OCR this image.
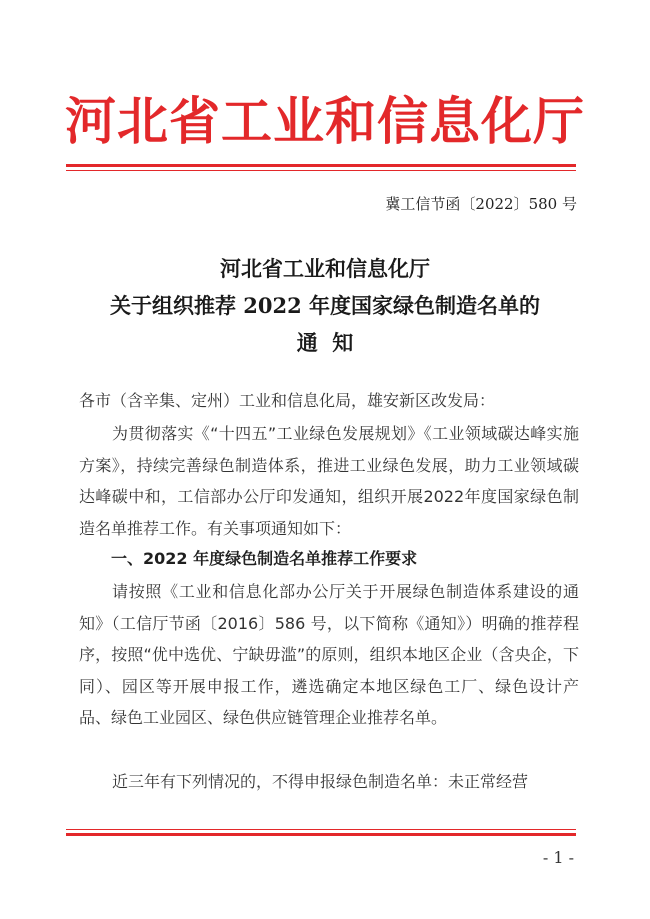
河北省工业和信息化厅
冀工信节函〔2022〕580 号
河北省工业和信息化厅
关于组织推荐 2022 年度国家绿色制造名单的
通  知
各市（含辛集、定州）工业和信息化局，雄安新区改发局：

为贯彻落实《“十四五”工业绿色发展规划》《工业领域碳达峰实施方案》，持续完善绿色制造体系，推进工业绿色发展，助力工业领域碳达峰碳中和，工信部办公厅印发通知，组织开展2022年度国家绿色制造名单推荐工作。有关事项通知如下：

一、2022 年度绿色制造名单推荐工作要求

请按照《工业和信息化部办公厅关于开展绿色制造体系建设的通知》（工信厅节函〔2016〕586 号，以下简称《通知》）明确的推荐程序，按照“优中选优、宁缺毋滥”的原则，组织本地区企业（含央企，下同）、园区等开展申报工作，遴选确定本地区绿色工厂、绿色设计产品、绿色工业园区、绿色供应链管理企业推荐名单。

近三年有下列情况的，不得申报绿色制造名单：未正常经营

- 1 -
